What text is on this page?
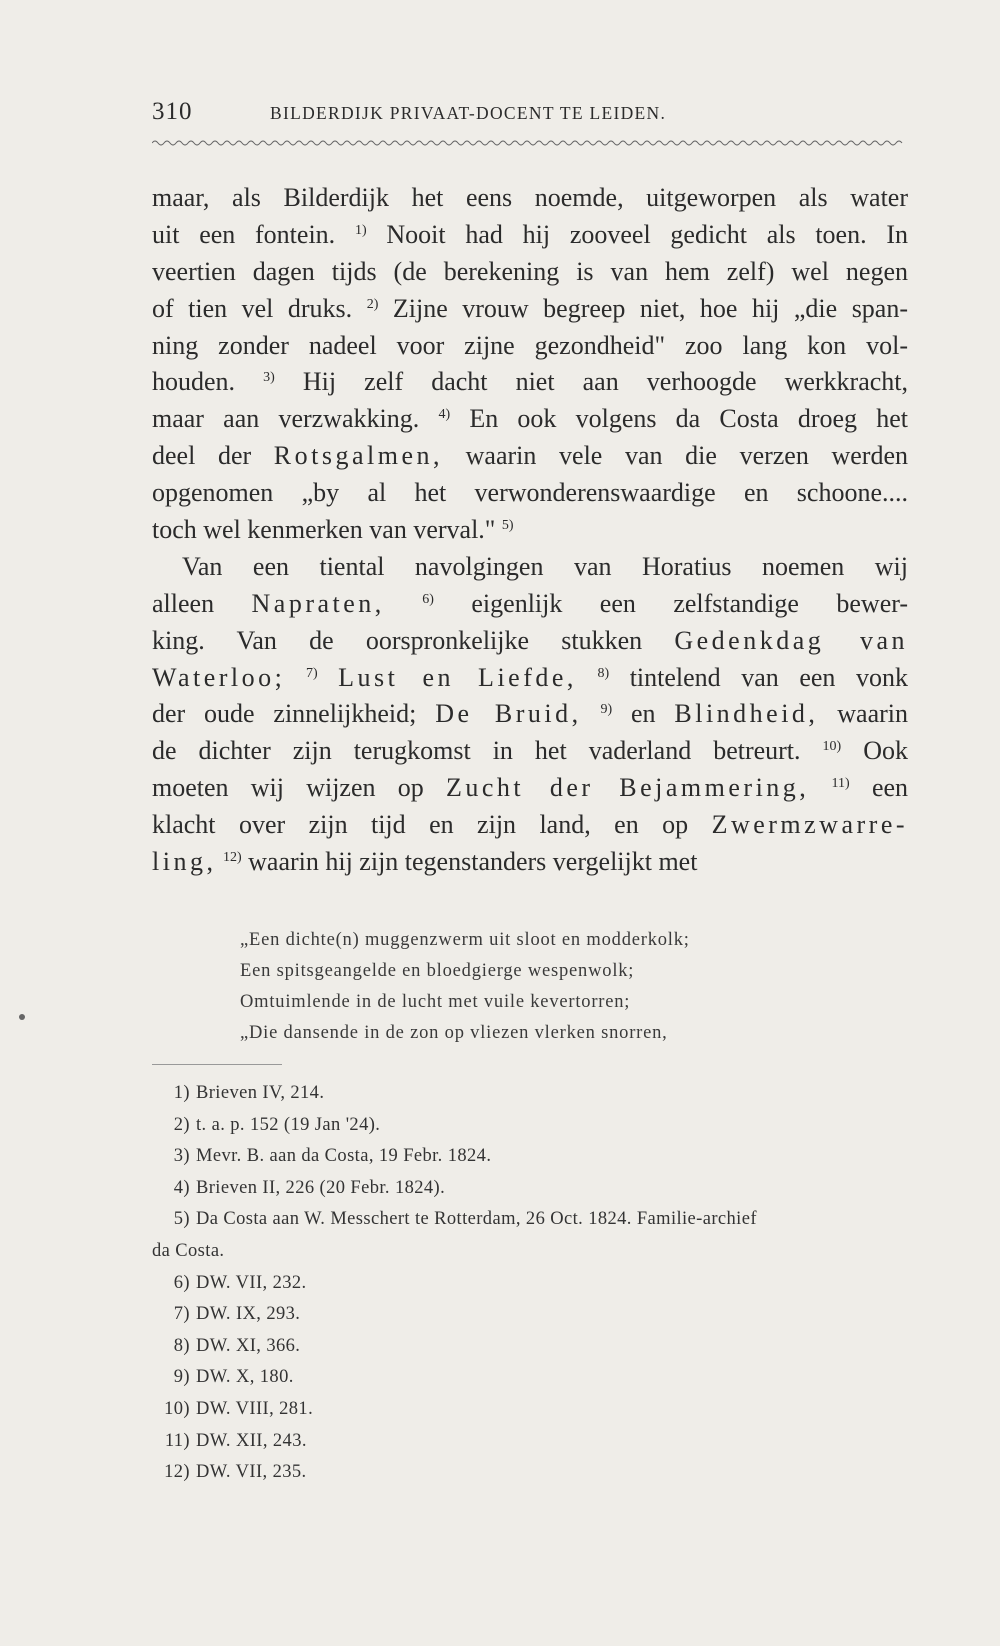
310	BILDERDIJK PRIVAAT-DOCENT TE LEIDEN.
maar, als Bilderdijk het eens noemde, uitgeworpen als water
uit een fontein. $^{1)}$ Nooit had hij zooveel gedicht als toen. In
veertien dagen tijds (de berekening is van hem zelf) wel negen
of tien vel druks. $^{2)}$ Zijne vrouw begreep niet, hoe hij „die span-
ning zonder nadeel voor zijne gezondheid" zoo lang kon vol-
houden. $^{3)}$ Hij zelf dacht niet aan verhoogde werkkracht,
maar aan verzwakking. $^{4)}$ En ook volgens da Costa droeg het
deel der Rotsgalmen, waarin vele van die verzen werden
opgenomen „by al het verwonderenswaardige en schoone....
toch wel kenmerken van verval." $^{5)}$
Van een tiental navolgingen van Horatius noemen wij
alleen Napraten,	$^{6)}$ eigenlijk een zelfstandige bewer-
king. Van de oorspronkelijke stukken Gedenkdag van
Waterloo; $^{7)}$ Lust en Liefde, $^{8)}$ tintelend van een vonk
der oude zinnelijkheid; De Bruid, $^{9)}$ en Blindheid, waarin
de dichter zijn terugkomst in het vaderland betreurt. $^{10)}$ Ook
moeten wij wijzen op Zucht der Bejammering, $^{11)}$ een
klacht over zijn tijd en zijn land, en op Zwermzwarre-
ling, $^{12)}$ waarin hij zijn tegenstanders vergelijkt met
„Een dichte(n) muggenzwerm uit sloot en modderkolk;
Een spitsgeangelde en bloedgierge wespenwolk;
Omtuimlende in de lucht met vuile kevertorren;
„Die dansende in de zon op vliezen vlerken snorren,
1) Brieven IV, 214.
2) t. a. p. 152 (19 Jan '24).
3) Mevr. B. aan da Costa, 19 Febr. 1824.
4) Brieven II, 226 (20 Febr. 1824).
5) Da Costa aan W. Messchert te Rotterdam, 26 Oct. 1824. Familie-archief
da Costa.
6) DW. VII, 232.
7) DW. IX, 293.
8) DW. XI, 366.
9) DW. X, 180.
10) DW. VIII, 281.
11) DW. XII, 243.
12) DW. VII, 235.
